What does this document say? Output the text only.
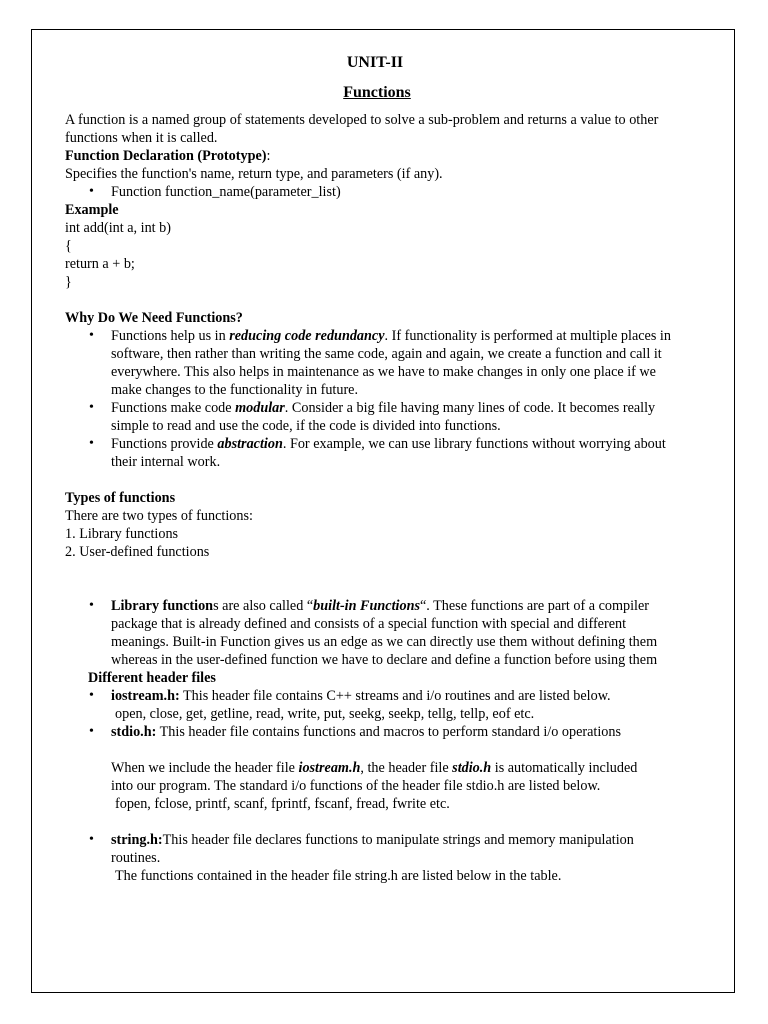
UNIT-II

Functions

A function is a named group of statements developed to solve a sub-problem and returns a value to other functions when it is called.

Function Declaration (Prototype):

Specifies the function's name, return type, and parameters (if any).

• Function function_name(parameter_list)

Example

int add(int a, int b)

{

return a + b;

}

Why Do We Need Functions?

• Functions help us in reducing code redundancy. If functionality is performed at multiple places in software, then rather than writing the same code, again and again, we create a function and call it everywhere. This also helps in maintenance as we have to make changes in only one place if we make changes to the functionality in future.
• Functions make code modular. Consider a big file having many lines of code. It becomes really simple to read and use the code, if the code is divided into functions.
• Functions provide abstraction. For example, we can use library functions without worrying about their internal work.

Types of functions

There are two types of functions:

1. Library functions

2. User-defined functions

• Library functions are also called “built-in Functions“. These functions are part of a compiler package that is already defined and consists of a special function with special and different meanings. Built-in Function gives us an edge as we can directly use them without defining them whereas in the user-defined function we have to declare and define a function before using them

Different header files

• iostream.h: This header file contains C++ streams and i/o routines and are listed below.
open, close, get, getline, read, write, put, seekg, seekp, tellg, tellp, eof etc.
• stdio.h: This header file contains functions and macros to perform standard i/o operations
When we include the header file iostream.h, the header file stdio.h is automatically included
into our program. The standard i/o functions of the header file stdio.h are listed below.
fopen, fclose, printf, scanf, fprintf, fscanf, fread, fwrite etc.
• string.h:This header file declares functions to manipulate strings and memory manipulation routines.
The functions contained in the header file string.h are listed below in the table.
